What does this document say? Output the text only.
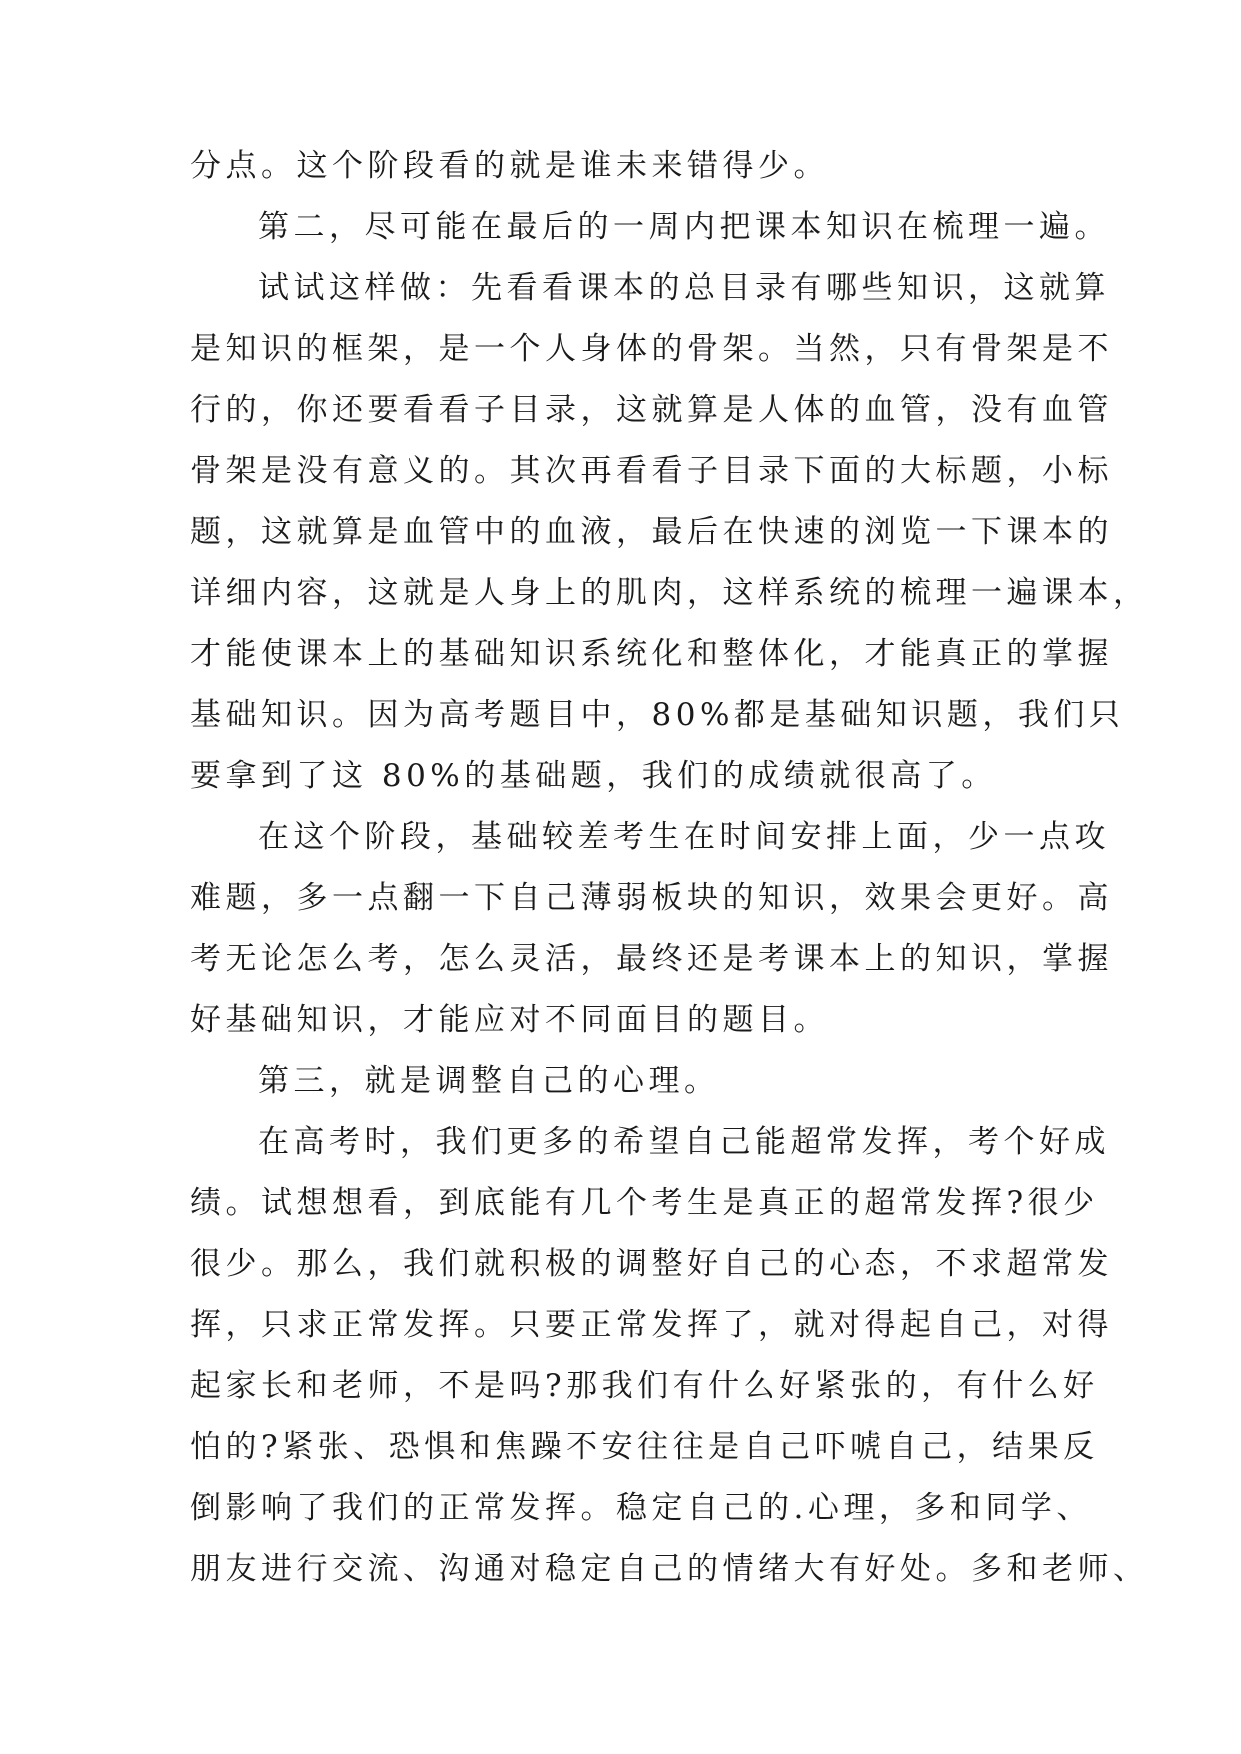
分点。这个阶段看的就是谁未来错得少。
第二，尽可能在最后的一周内把课本知识在梳理一遍。
试试这样做：先看看课本的总目录有哪些知识，这就算
是知识的框架，是一个人身体的骨架。当然，只有骨架是不
行的，你还要看看子目录，这就算是人体的血管，没有血管
骨架是没有意义的。其次再看看子目录下面的大标题，小标
题，这就算是血管中的血液，最后在快速的浏览一下课本的
详细内容，这就是人身上的肌肉，这样系统的梳理一遍课本，
才能使课本上的基础知识系统化和整体化，才能真正的掌握
基础知识。因为高考题目中，80%都是基础知识题，我们只
要拿到了这 80%的基础题，我们的成绩就很高了。
在这个阶段，基础较差考生在时间安排上面，少一点攻
难题，多一点翻一下自己薄弱板块的知识，效果会更好。高
考无论怎么考，怎么灵活，最终还是考课本上的知识，掌握
好基础知识，才能应对不同面目的题目。
第三，就是调整自己的心理。
在高考时，我们更多的希望自己能超常发挥，考个好成
绩。试想想看，到底能有几个考生是真正的超常发挥?很少
很少。那么，我们就积极的调整好自己的心态，不求超常发
挥，只求正常发挥。只要正常发挥了，就对得起自己，对得
起家长和老师，不是吗?那我们有什么好紧张的，有什么好
怕的?紧张、恐惧和焦躁不安往往是自己吓唬自己，结果反
倒影响了我们的正常发挥。稳定自己的.心理，多和同学、
朋友进行交流、沟通对稳定自己的情绪大有好处。多和老师、
